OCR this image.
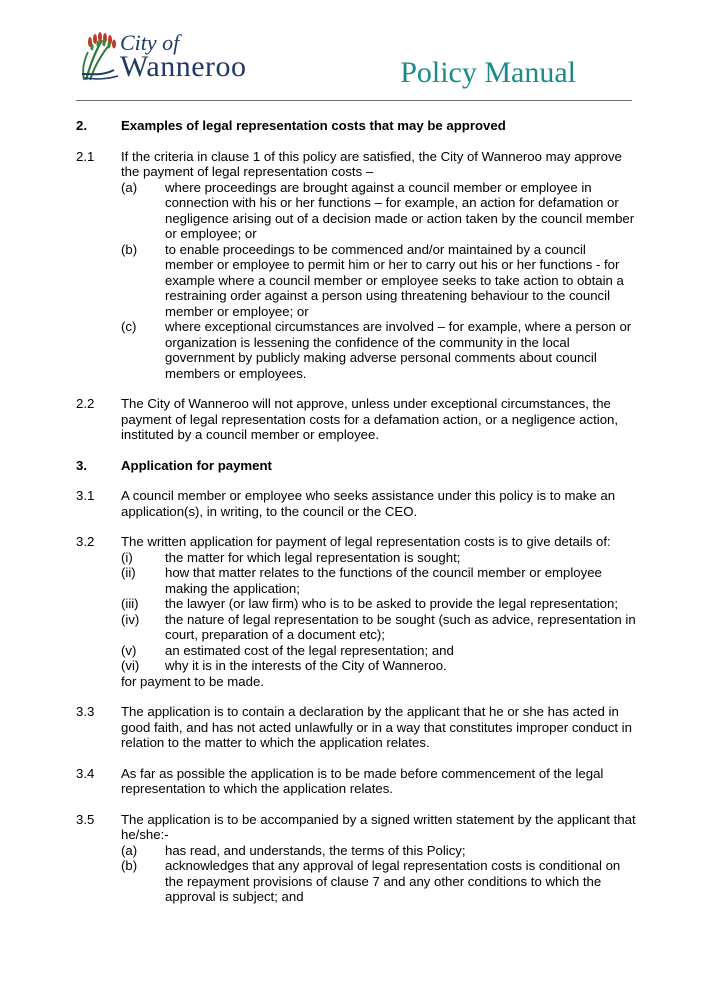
City of
Wanneroo	Policy Manual
2.	Examples of legal representation costs that may be approved
2.1 If the criteria in clause 1 of this policy are satisfied, the City of Wanneroo may approve the payment of legal representation costs –
(a) where proceedings are brought against a council member or employee in connection with his or her functions – for example, an action for defamation or negligence arising out of a decision made or action taken by the council member or employee; or
(b) to enable proceedings to be commenced and/or maintained by a council member or employee to permit him or her to carry out his or her functions - for example where a council member or employee seeks to take action to obtain a restraining order against a person using threatening behaviour to the council member or employee; or
(c) where exceptional circumstances are involved – for example, where a person or organization is lessening the confidence of the community in the local government by publicly making adverse personal comments about council members or employees.
2.2 The City of Wanneroo will not approve, unless under exceptional circumstances, the payment of legal representation costs for a defamation action, or a negligence action, instituted by a council member or employee.
3.	Application for payment
3.1 A council member or employee who seeks assistance under this policy is to make an application(s), in writing, to the council or the CEO.
3.2 The written application for payment of legal representation costs is to give details of:
(i) the matter for which legal representation is sought;
(ii) how that matter relates to the functions of the council member or employee making the application;
(iii) the lawyer (or law firm) who is to be asked to provide the legal representation;
(iv) the nature of legal representation to be sought (such as advice, representation in court, preparation of a document etc);
(v) an estimated cost of the legal representation; and
(vi) why it is in the interests of the City of Wanneroo.
for payment to be made.
3.3 The application is to contain a declaration by the applicant that he or she has acted in good faith, and has not acted unlawfully or in a way that constitutes improper conduct in relation to the matter to which the application relates.
3.4 As far as possible the application is to be made before commencement of the legal representation to which the application relates.
3.5 The application is to be accompanied by a signed written statement by the applicant that he/she:-
(a) has read, and understands, the terms of this Policy;
(b) acknowledges that any approval of legal representation costs is conditional on the repayment provisions of clause 7 and any other conditions to which the approval is subject; and
